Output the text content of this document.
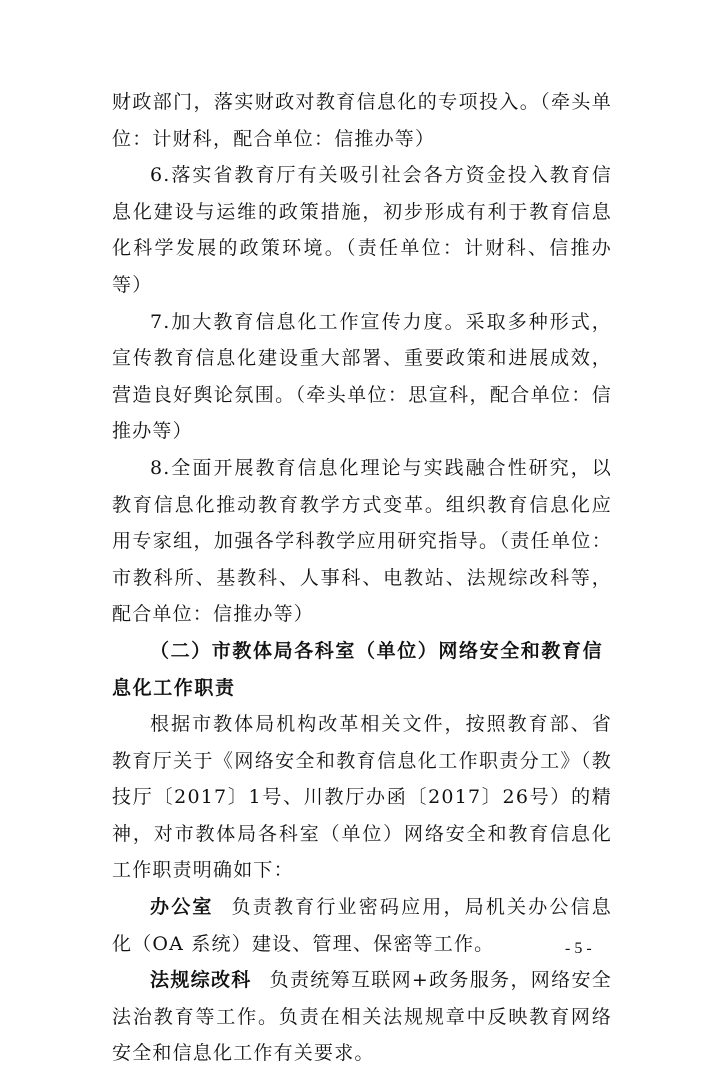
财政部门，落实财政对教育信息化的专项投入。（牵头单位：计财科，配合单位：信推办等）

6.落实省教育厅有关吸引社会各方资金投入教育信息化建设与运维的政策措施，初步形成有利于教育信息化科学发展的政策环境。（责任单位：计财科、信推办等）

7.加大教育信息化工作宣传力度。采取多种形式，宣传教育信息化建设重大部署、重要政策和进展成效，营造良好舆论氛围。（牵头单位：思宣科，配合单位：信推办等）

8.全面开展教育信息化理论与实践融合性研究，以教育信息化推动教育教学方式变革。组织教育信息化应用专家组，加强各学科教学应用研究指导。（责任单位：市教科所、基教科、人事科、电教站、法规综改科等，配合单位：信推办等）

（二）市教体局各科室（单位）网络安全和教育信息化工作职责

根据市教体局机构改革相关文件，按照教育部、省教育厅关于《网络安全和教育信息化工作职责分工》（教技厅〔2017〕1号、川教厅办函〔2017〕26号）的精神，对市教体局各科室（单位）网络安全和教育信息化工作职责明确如下：

办公室 负责教育行业密码应用，局机关办公信息化（OA 系统）建设、管理、保密等工作。

法规综改科 负责统筹互联网+政务服务，网络安全法治教育等工作。负责在相关法规规章中反映教育网络安全和信息化工作有关要求。

- 5 -
